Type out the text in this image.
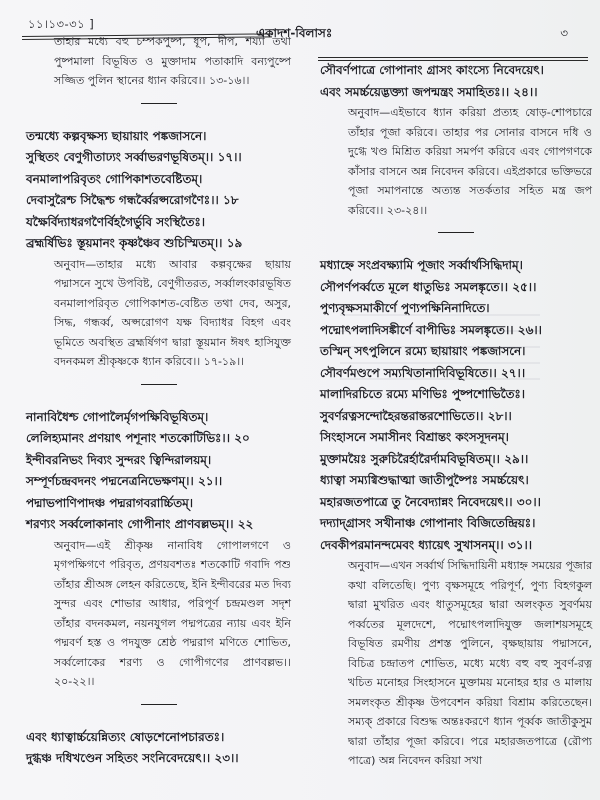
১১।১৩-৩১ ]
একাদশ-বিলাসঃ	৩
তাহার মধ্যে বহু চম্পকপুষ্প, ধূপ, দীপ, শয্যা তথা পুষ্পমালা বিভূষিত ও মুক্তাদাম পতাকাদি বন্যপুষ্পে সজ্জিত পুলিন স্থানের ধ্যান করিবে।। ১৩-১৬।।
তন্মধ্যে কল্পবৃক্ষস্য ছায়ায়াং পঙ্কজাসনে।
সুস্থিতং বেণুগীতাঢ্যং সর্ব্বাভরণভূষিতম্।। ১৭।।
বনমালাপরিবৃতং গোপিকাশতবেষ্টিতম্।
দেবাসুরৈশ্চ সিদ্ধৈশ্চ গন্ধর্ব্বৈরপ্সরোগণৈঃ।। ১৮
যক্ষৈর্বিদ্যাধরগণৈর্বিহগৈর্ভুবি সংস্থিতৈঃ।
ব্রহ্মর্ষিভিঃ স্তূয়মানং কৃষ্ণঞ্চৈব শুচিস্মিতম্।। ১৯
অনুবাদ—তাহার মধ্যে আবার কল্পবৃক্ষের ছায়ায় পদ্মাসনে সুখে উপবিষ্ট, বেণুগীতরত, সর্ব্বালংকারভূষিত বনমালাপরিবৃত গোপিকাশত-বেষ্টিত তথা দেব, অসুর, সিদ্ধ, গন্ধর্ব্ব, অপ্সরোগণ যক্ষ বিদ্যাধর বিহগ এবং ভূমিতে অবস্থিত ব্রহ্মর্ষিগণ দ্বারা স্তূয়মান ঈষৎ হাসিযুক্ত বদনকমল শ্রীকৃষ্ণকে ধ্যান করিবে।। ১৭-১৯।।
নানাবিধৈশ্চ গোপালৈর্মৃগপক্ষিবিভূষিতম্।
লেলিহ্যমানং প্রণয়াৎ পশূনাং শতকোটিভিঃ।। ২০
ইন্দীবরনিভং দিব্যং সুন্দরং ত্বিন্দিরালয়ম্।
সম্পূর্ণচন্দ্রবদনং পদ্মনেত্রনিভেক্ষণম্।। ২১।।
পদ্মাভপাণিপাদঞ্চ পদ্মরাগবরার্চ্চিতম্।
শরণ্যং সর্ব্বলোকানাং গোপীনাং প্রাণবল্লভম্।। ২২
অনুবাদ—এই শ্রীকৃষ্ণ নানাবিধ গোপালগণে ও মৃগপক্ষিগণে পরিবৃত, প্রণয়বশতঃ শতকোটি গবাদি পশু তাঁহার শ্রীঅঙ্গ লেহন করিতেছে, ইনি ইন্দীবরের মত দিব্য সুন্দর এবং শোভার আধার, পরিপূর্ণ চন্দ্রমণ্ডল সদৃশ তাঁহার বদনকমল, নয়নযুগল পদ্মপত্রের ন্যায় এবং ইনি পদ্মবর্ণ হস্ত ও পদযুক্ত শ্রেষ্ঠ পদ্মরাগ মণিতে শোভিত, সর্ব্বলোকের শরণ্য ও গোপীগণের প্রাণবল্লভ।। ২০-২২।।
এবং ধ্যাত্বার্চ্চয়েন্নিত্যং ষোড়শেনোপচারতঃ।
দুগ্ধঞ্চ দধিখণ্ডেন সহিতং সংনিবেদয়েৎ।। ২৩।।
সৌবর্ণপাত্রে গোপানাং গ্রাসং কাংস্যে নিবেদয়েৎ।
এবং সমর্চ্চয়েদ্ভক্ত্যা জপন্মন্ত্রং সমাহিতঃ।। ২৪।।
অনুবাদ—এইভাবে ধ্যান করিয়া প্রত্যহ ষোড়-শোপচারে তাঁহার পূজা করিবে। তাহার পর সোনার বাসনে দধি ও দুগ্ধে খণ্ড মিশ্রিত করিয়া সমর্পণ করিবে এবং গোপগণকে কাঁসার বাসনে অন্ন নিবেদন করিবে। এইপ্রকারে ভক্তিভরে পূজা সমাপনান্তে অত্যন্ত সতর্কতার সহিত মন্ত্র জপ করিবে।। ২৩-২৪।।
মধ্যাহ্নে সংপ্রবক্ষ্যামি পূজাং সর্ব্বার্থসিদ্ধিদাম্।
সৌপর্ণপর্ব্বতে মূলে ধাতুভিঃ সমলঙ্কৃতে।। ২৫।।
পুণ্যবৃক্ষসমাকীর্ণে পুণ্যপক্ষিনিনাদিতে।
পদ্মোৎপলাদিসঙ্কীর্ণে বাপীভিঃ সমলঙ্কৃতে।। ২৬।।
তস্মিন্ সৎপুলিনে রম্যে ছায়ায়াং পঙ্কজাসনে।
সৌবর্ণমণ্ডপে সম্যখিতানাদিবিভূষিতে।। ২৭।।
মালাদিরচিতে রম্যে মণিভিঃ পুষ্পশোভিতৈঃ।
সুবর্ণরত্নসন্দোহৈরন্তরান্তরশোভিতে।। ২৮।।
সিংহাসনে সমাসীনং বিশ্রান্তং কংসসূদনম্।
মুক্তাময়ৈঃ সুরুচিরৈর্হারৈর্দামবিভূষিতম্।। ২৯।।
ধ্যাত্বা সম্যগ্বিশুদ্ধাত্মা জাতীপুষ্পৈঃ সমর্চ্চয়েৎ।
মহারজতপাত্রে তু নৈবেদ্যান্নং নিবেদয়েৎ।। ৩০।।
দদ্যাদ্গ্রাসং সখীনাঞ্চ গোপানাং বিজিতেন্দ্রিয়ঃ।
দেবকীপরমানন্দমেবং ধ্যায়েৎ সুখাসনম্।। ৩১।।
অনুবাদ—এখন সর্ব্বার্থ সিদ্ধিদায়িনী মধ্যাহ্ন সময়ের পূজার কথা বলিতেছি। পুণ্য বৃক্ষসমূহে পরিপূর্ণ, পুণ্য বিহগকুল দ্বারা মুখরিত এবং ধাতুসমূহের দ্বারা অলংকৃত সুবর্ণময় পর্ব্বতের মূলদেশে, পদ্মোৎপলাদিযুক্ত জলাশয়সমূহে বিভূষিত রমণীয় প্রশস্ত পুলিনে, বৃক্ষছায়ায় পদ্মাসনে, বিচিত্র চন্দ্রাতপ শোভিত, মধ্যে মধ্যে বহু বহু সুবর্ণ-রত্ন খচিত মনোহর সিংহাসনে মুক্তাময় মনোহর হার ও মালায় সমলংকৃত শ্রীকৃষ্ণ উপবেশন করিয়া বিশ্রাম করিতেছেন। সম্যক্ প্রকারে বিশুদ্ধ অন্তঃকরণে ধ্যান পূর্ব্বক জাতীকুসুম দ্বারা তাঁহার পূজা করিবে। পরে মহারজতপাত্রে (রৌপ্য পাত্রে) অন্ন নিবেদন করিয়া সখা
